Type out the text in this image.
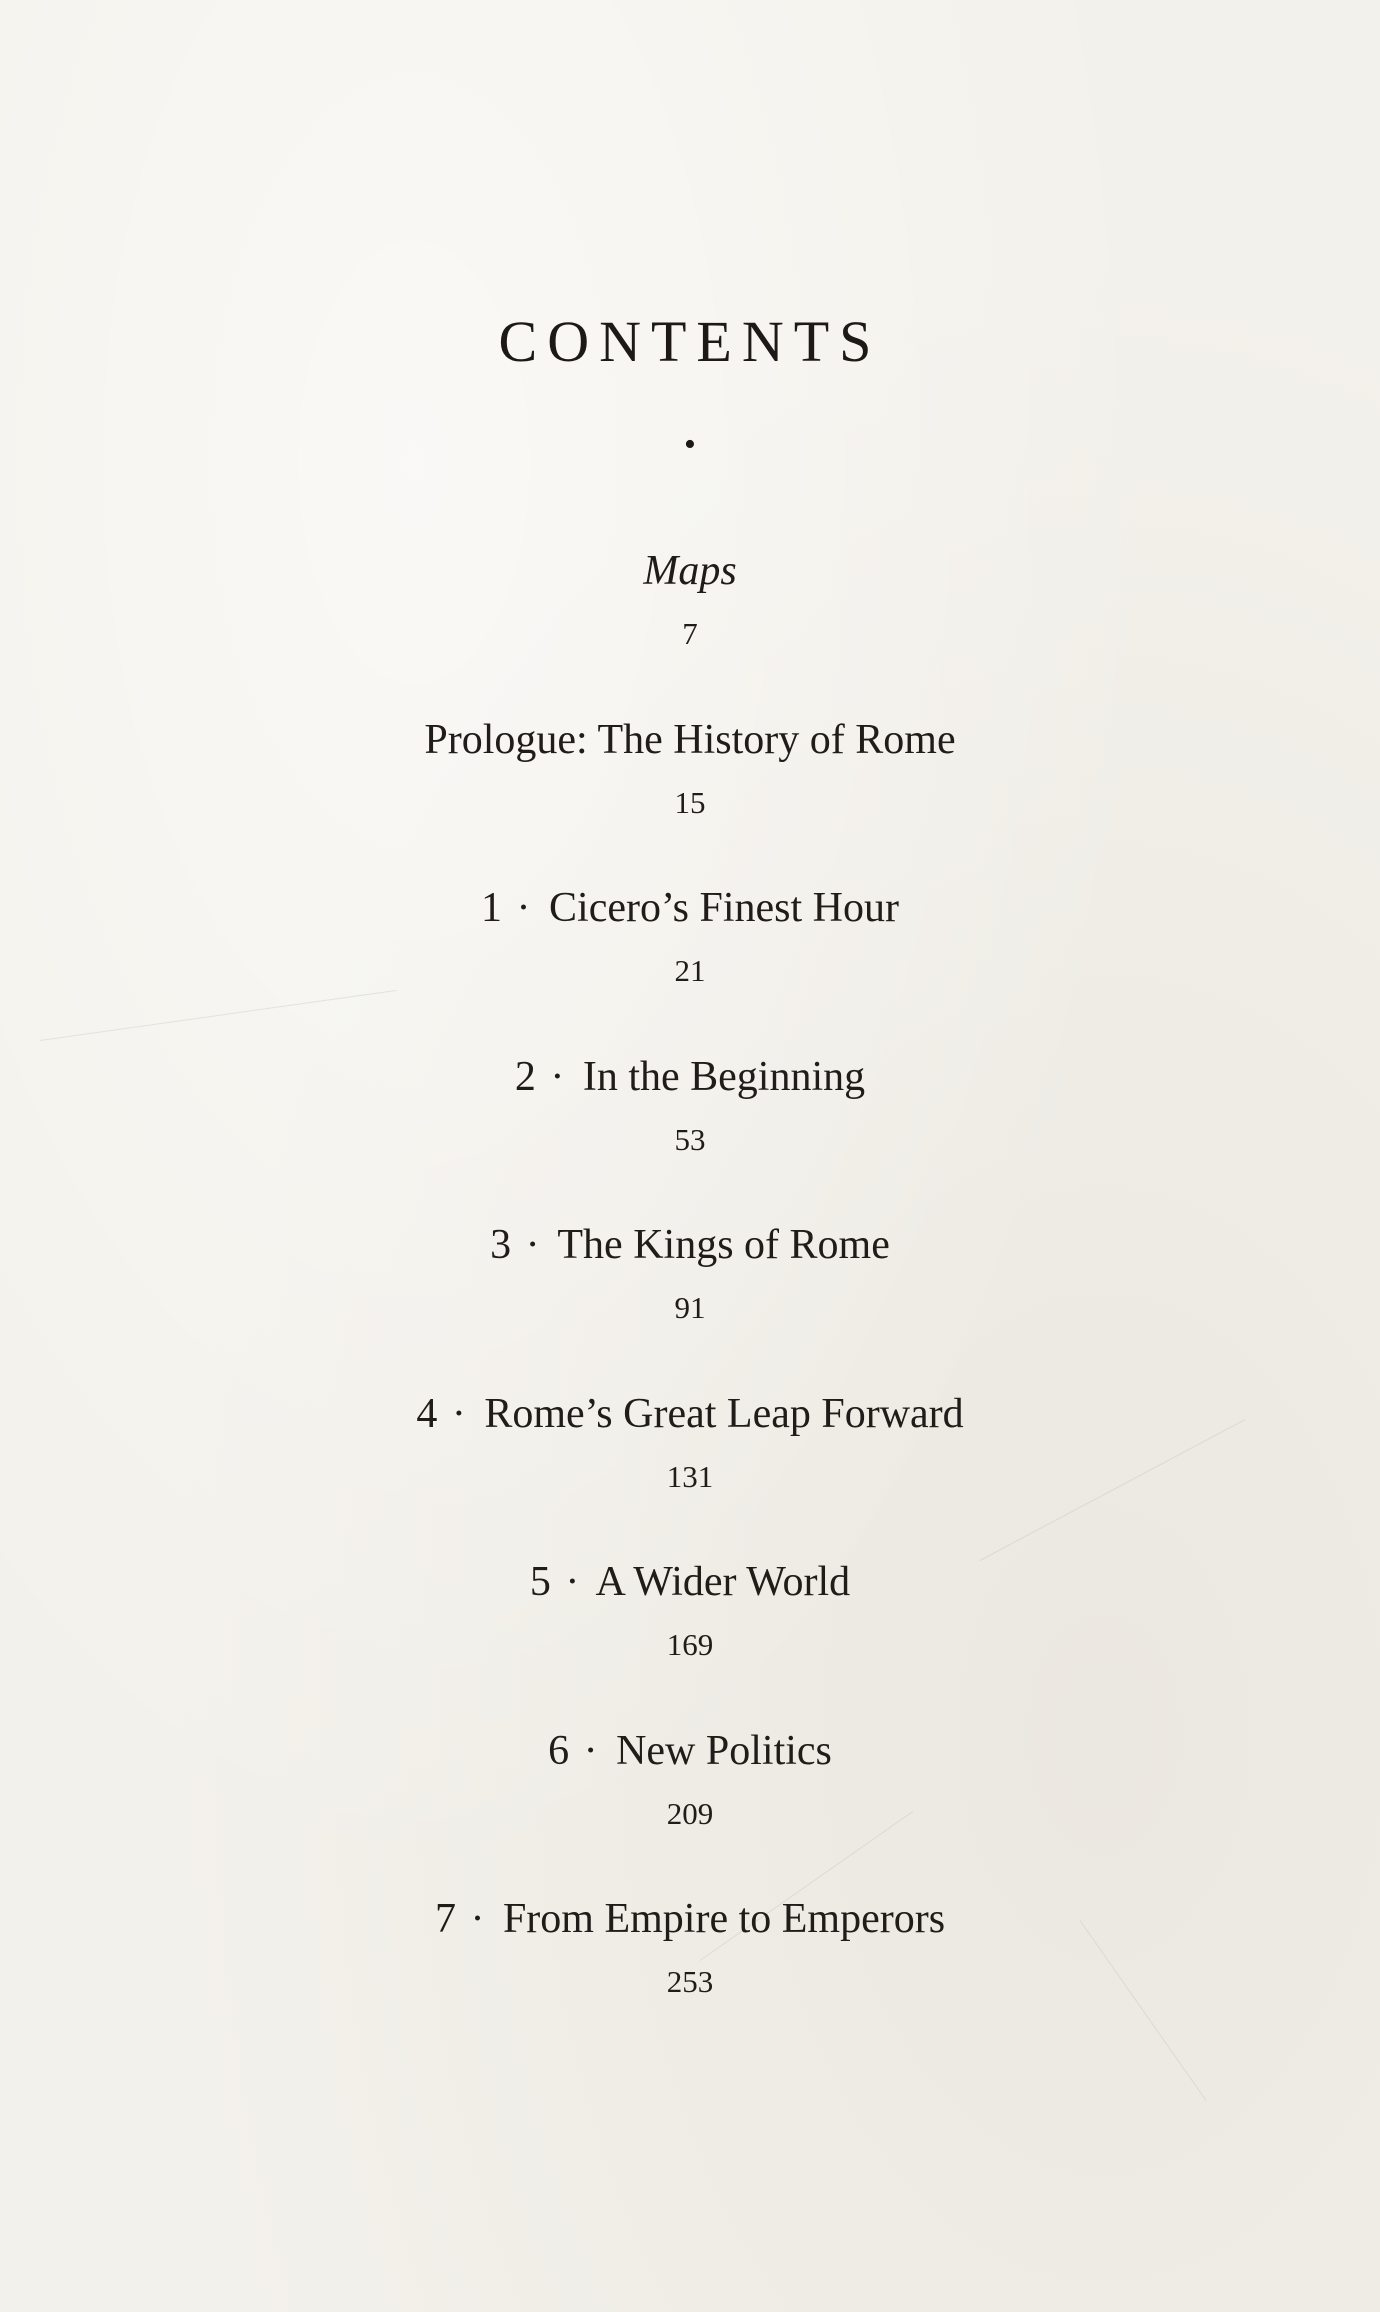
CONTENTS
•
Maps
7
Prologue: The History of Rome
15
1 · Cicero’s Finest Hour
21
2 · In the Beginning
53
3 · The Kings of Rome
91
4 · Rome’s Great Leap Forward
131
5 · A Wider World
169
6 · New Politics
209
7 · From Empire to Emperors
253
